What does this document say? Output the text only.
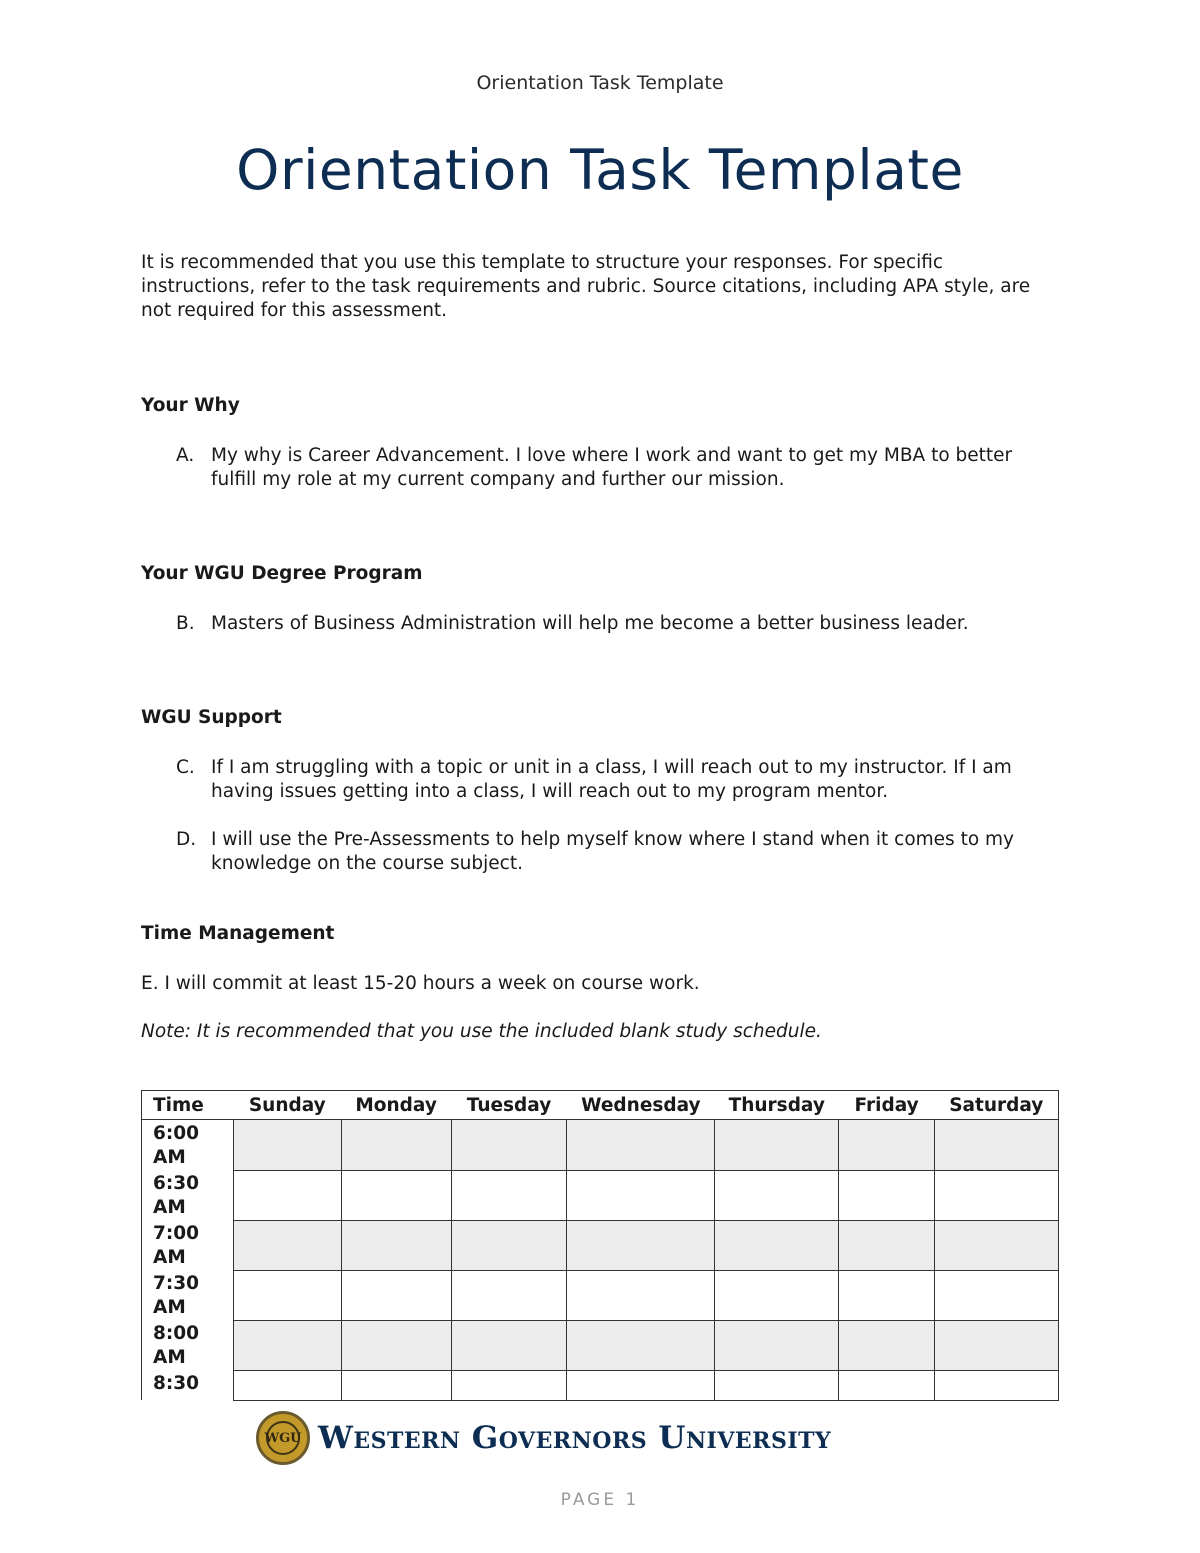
Orientation Task Template
Orientation Task Template
It is recommended that you use this template to structure your responses. For specific instructions, refer to the task requirements and rubric. Source citations, including APA style, are not required for this assessment.
Your Why
A. My why is Career Advancement. I love where I work and want to get my MBA to better fulfill my role at my current company and further our mission.
Your WGU Degree Program
B. Masters of Business Administration will help me become a better business leader.
WGU Support
C. If I am struggling with a topic or unit in a class, I will reach out to my instructor. If I am having issues getting into a class, I will reach out to my program mentor.
D. I will use the Pre-Assessments to help myself know where I stand when it comes to my knowledge on the course subject.
Time Management
E. I will commit at least 15-20 hours a week on course work.
Note: It is recommended that you use the included blank study schedule.
Time	Sunday	Monday	Tuesday	Wednesday	Thursday	Friday	Saturday
6:00
AM							
6:30
AM							
7:00
AM							
7:30
AM							
8:00
AM							
8:30							
WGU Western Governors University
PAGE 1
